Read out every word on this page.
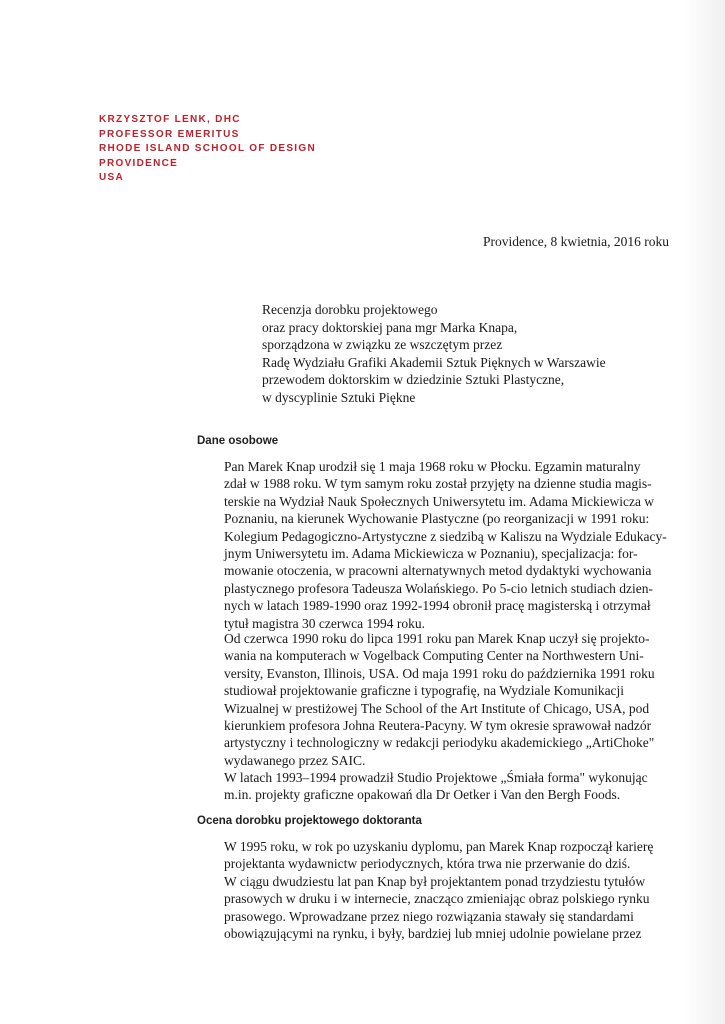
KRZYSZTOF LENK, DHC
PROFESSOR EMERITUS
RHODE ISLAND SCHOOL OF DESIGN
PROVIDENCE
USA
Providence, 8 kwietnia, 2016 roku
Recenzja dorobku projektowego
oraz pracy doktorskiej pana mgr Marka Knapa,
sporządzona w związku ze wszczętym przez
Radę Wydziału Grafiki Akademii Sztuk Pięknych w Warszawie
przewodem doktorskim w dziedzinie Sztuki Plastyczne,
w dyscyplinie Sztuki Piękne
Dane osobowe
Pan Marek Knap urodził się 1 maja 1968 roku w Płocku. Egzamin maturalny
zdał w 1988 roku. W tym samym roku został przyjęty na dzienne studia magis-
terskie na Wydział Nauk Społecznych Uniwersytetu im. Adama Mickiewicza w
Poznaniu, na kierunek Wychowanie Plastyczne (po reorganizacji w 1991 roku:
Kolegium Pedagogiczno-Artystyczne z siedzibą w Kaliszu na Wydziale Edukacy-
jnym Uniwersytetu im. Adama Mickiewicza w Poznaniu), specjalizacja: for-
mowanie otoczenia, w pracowni alternatywnych metod dydaktyki wychowania
plastycznego profesora Tadeusza Wolańskiego. Po 5-cio letnich studiach dzien-
nych w latach 1989-1990 oraz 1992-1994 obronił pracę magisterską i otrzymał
tytuł magistra 30 czerwca 1994 roku.
Od czerwca 1990 roku do lipca 1991 roku pan Marek Knap uczył się projekto-
wania na komputerach w Vogelback Computing Center na Northwestern Uni-
versity, Evanston, Illinois, USA. Od maja 1991 roku do października 1991 roku
studiował projektowanie graficzne i typografię, na Wydziale Komunikacji
Wizualnej w prestiżowej The School of the Art Institute of Chicago, USA, pod
kierunkiem profesora Johna Reutera-Pacyny. W tym okresie sprawował nadzór
artystyczny i technologiczny w redakcji periodyku akademickiego „ArtiChoke"
wydawanego przez SAIC.
W latach 1993–1994 prowadził Studio Projektowe „Śmiała forma" wykonując
m.in. projekty graficzne opakowań dla Dr Oetker i Van den Bergh Foods.
Ocena dorobku projektowego doktoranta
W 1995 roku, w rok po uzyskaniu dyplomu, pan Marek Knap rozpoczął karierę
projektanta wydawnictw periodycznych, która trwa nie przerwanie do dziś.
W ciągu dwudziestu lat pan Knap był projektantem ponad trzydziestu tytułów
prasowych w druku i w internecie, znacząco zmieniając obraz polskiego rynku
prasowego. Wprowadzane przez niego rozwiązania stawały się standardami
obowiązującymi na rynku, i były, bardziej lub mniej udolnie powielane przez
